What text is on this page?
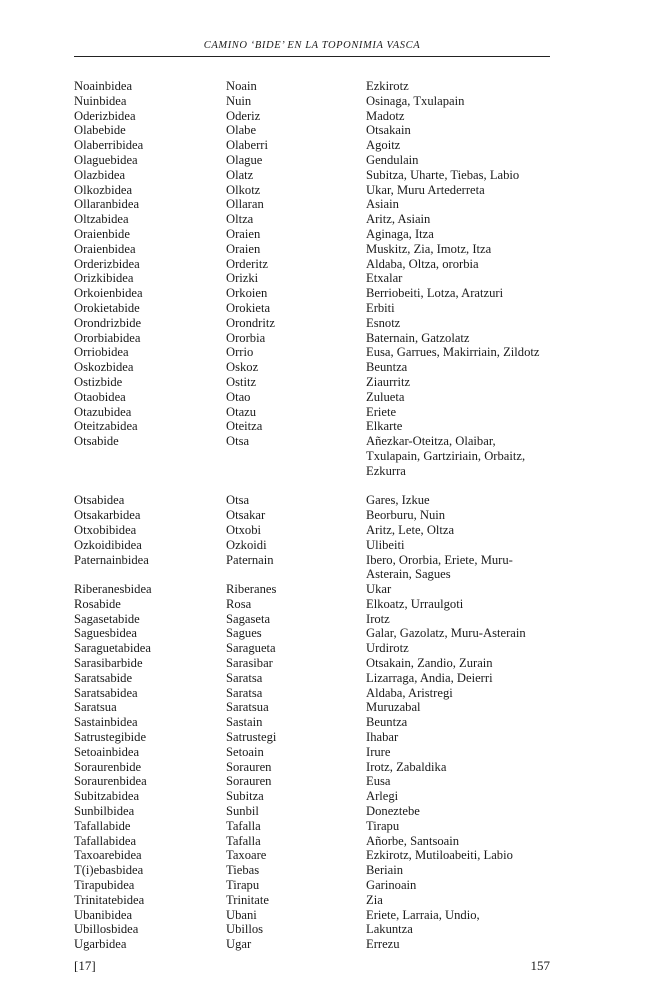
CAMINO ‘BIDE’ EN LA TOPONIMIA VASCA
Noainbidea	Noain	Ezkirotz
Nuinbidea	Nuin	Osinaga, Txulapain
Oderizbidea	Oderiz	Madotz
Olabebide	Olabe	Otsakain
Olaberribidea	Olaberri	Agoitz
Olaguebidea	Olague	Gendulain
Olazbidea	Olatz	Subitza, Uharte, Tiebas, Labio
Olkozbidea	Olkotz	Ukar, Muru Artederreta
Ollaranbidea	Ollaran	Asiain
Oltzabidea	Oltza	Aritz, Asiain
Oraienbide	Oraien	Aginaga, Itza
Oraienbidea	Oraien	Muskitz, Zia, Imotz, Itza
Orderizbidea	Orderitz	Aldaba, Oltza, ororbia
Orizkibidea	Orizki	Etxalar
Orkoienbidea	Orkoien	Berriobeiti, Lotza, Aratzuri
Orokietabide	Orokieta	Erbiti
Orondrizbide	Orondritz	Esnotz
Ororbiabidea	Ororbia	Baternain, Gatzolatz
Orriobidea	Orrio	Eusa, Garrues, Makirriain, Zildotz
Oskozbidea	Oskoz	Beuntza
Ostizbide	Ostitz	Ziaurritz
Otaobidea	Otao	Zulueta
Otazubidea	Otazu	Eriete
Oteitzabidea	Oteitza	Elkarte
Otsabide	Otsa	Añezkar-Oteitza, Olaibar,
Txulapain, Gartziriain, Orbaitz,
Ezkurra
Otsabidea	Otsa	Gares, Izkue
Otsakarbidea	Otsakar	Beorburu, Nuin
Otxobibidea	Otxobi	Aritz, Lete, Oltza
Ozkoidibidea	Ozkoidi	Ulibeiti
Paternainbidea	Paternain	Ibero, Ororbia, Eriete, Muru-
Asterain, Sagues
Riberanesbidea	Riberanes	Ukar
Rosabide	Rosa	Elkoatz, Urraulgoti
Sagasetabide	Sagaseta	Irotz
Saguesbidea	Sagues	Galar, Gazolatz, Muru-Asterain
Saraguetabidea	Saragueta	Urdirotz
Sarasibarbide	Sarasibar	Otsakain, Zandio, Zurain
Saratsabide	Saratsa	Lizarraga, Andia, Deierri
Saratsabidea	Saratsa	Aldaba, Aristregi
Saratsua	Saratsua	Muruzabal
Sastainbidea	Sastain	Beuntza
Satrustegibide	Satrustegi	Ihabar
Setoainbidea	Setoain	Irure
Soraurenbide	Sorauren	Irotz, Zabaldika
Soraurenbidea	Sorauren	Eusa
Subitzabidea	Subitza	Arlegi
Sunbilbidea	Sunbil	Doneztebe
Tafallabide	Tafalla	Tirapu
Tafallabidea	Tafalla	Añorbe, Santsoain
Taxoarebidea	Taxoare	Ezkirotz, Mutiloabeiti, Labio
T(i)ebasbidea	Tiebas	Beriain
Tirapubidea	Tirapu	Garinoain
Trinitatebidea	Trinitate	Zia
Ubanibidea	Ubani	Eriete, Larraia, Undio,
Ubillosbidea	Ubillos	Lakuntza
Ugarbidea	Ugar	Errezu
[17]	157
